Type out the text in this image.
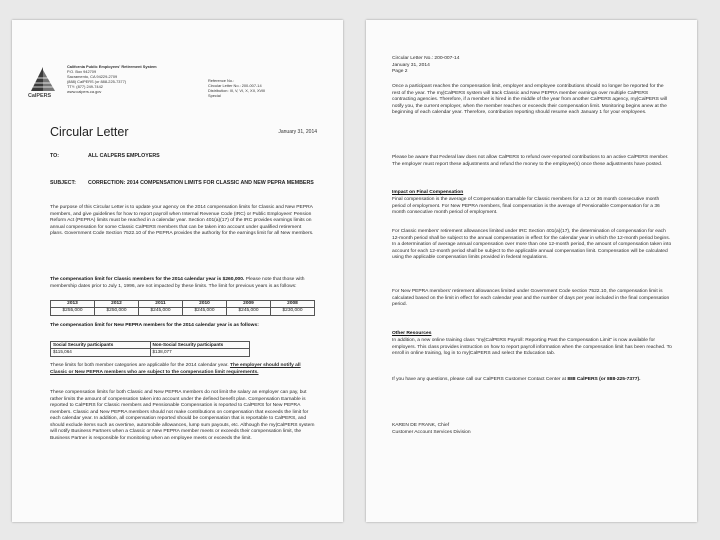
CalPERS
California Public Employees' Retirement System
P.O. Box 942709
Sacramento, CA 94229-2709
(888) CalPERS (or 888-225-7377)
TTY: (877) 249-7442
www.calpers.ca.gov
Reference No.:
Circular Letter No.: 200-007-14
Distribution: III, V, VI, X, XII, XVIII
Special
Circular Letter	January 31, 2014
TO:	ALL CALPERS EMPLOYERS
SUBJECT: CORRECTION: 2014 COMPENSATION LIMITS FOR CLASSIC AND NEW PEPRA MEMBERS
The purpose of this Circular Letter is to update your agency on the 2014 compensation limits for Classic and New PEPRA members, and give guidelines for how to report payroll when Internal Revenue Code (IRC) or Public Employees' Pension Reform Act (PEPRA) limits must be reached in a calendar year. Section 401(a)(17) of the IRC provides earnings limits on annual compensation for some Classic CalPERS members that can be taken into account under qualified retirement plans. Government Code Section 7522.10 of the PEPRA provides the authority for the earnings limit for all New members.
The compensation limit for Classic members for the 2014 calendar year is $260,000. Please note that those with membership dates prior to July 1, 1996, are not impacted by these limits. The limit for previous years is as follows:
2013	2012	2011	2010	2009	2008
$255,000	$250,000	$245,000	$245,000	$245,000	$230,000
The compensation limit for New PEPRA members for the 2014 calendar year is as follows:
Social Security participants	Non-Social Security participants
$115,064	$138,077
These limits for both member categories are applicable for the 2014 calendar year. The employer should notify all Classic or New PEPRA members who are subject to the compensation limit requirements.
These compensation limits for both Classic and New PEPRA members do not limit the salary an employer can pay, but rather limits the amount of compensation taken into account under the defined benefit plan. Compensation Earnable is reported to CalPERS for Classic members and Pensionable Compensation is reported to CalPERS for New PEPRA members. Classic and New PEPRA members should not make contributions on compensation that exceeds the limit for each calendar year. In addition, all compensation reported should be compensation that is reportable to CalPERS, and should exclude items such as overtime, automobile allowances, lump sum payouts, etc. Although the my|CalPERS system will notify Business Partners when a Classic or New PEPRA member meets or exceeds their compensation limit, the Business Partner is responsible for monitoring when an employee meets or exceeds the limit.
Circular Letter No.: 200-007-14
January 31, 2014
Page 2
Once a participant reaches the compensation limit, employer and employee contributions should no longer be reported for the rest of the year. The my|CalPERS system will track Classic and New PEPRA member earnings over multiple CalPERS contracting agencies. Therefore, if a member is hired in the middle of the year from another CalPERS agency, my|CalPERS will notify you, the current employer, when the member reaches or exceeds their compensation limit. Monitoring begins anew at the beginning of each calendar year. Therefore, contribution reporting should resume each January 1 for your employees.
Please be aware that Federal law does not allow CalPERS to refund over-reported contributions to an active CalPERS member. The employer must report these adjustments and refund the money to the employee(s) once these adjustments have posted.
Impact on Final Compensation
Final compensation is the average of Compensation Earnable for Classic members for a 12 or 36 month consecutive month period of employment. For New PEPRA members, final compensation is the average of Pensionable Compensation for a 36 month consecutive month period of employment.
For Classic members' retirement allowances limited under IRC Section 401(a)(17), the determination of compensation for each 12-month period shall be subject to the annual compensation in effect for the calendar year in which the 12-month period begins. In a determination of average annual compensation over more than one 12-month period, the amount of compensation taken into account for each 12-month period shall be subject to the applicable annual compensation limit. Compensation will be calculated using the applicable compensation limits provided in federal regulations.
For New PEPRA members' retirement allowances limited under Government Code section 7522.10, the compensation limit is calculated based on the limit in effect for each calendar year and the number of days per year included in the final compensation period.
Other Resources
In addition, a new online training class "my|CalPERS Payroll: Reporting Past the Compensation Limit" is now available for employers. This class provides instruction on how to report payroll information when the compensation limit has been reached. To enroll in online training, log in to my|CalPERS and select the Education tab.
If you have any questions, please call our CalPERS Customer Contact Center at 888 CalPERS (or 888-225-7377).
KAREN DE FRANK, Chief
Customer Account Services Division
